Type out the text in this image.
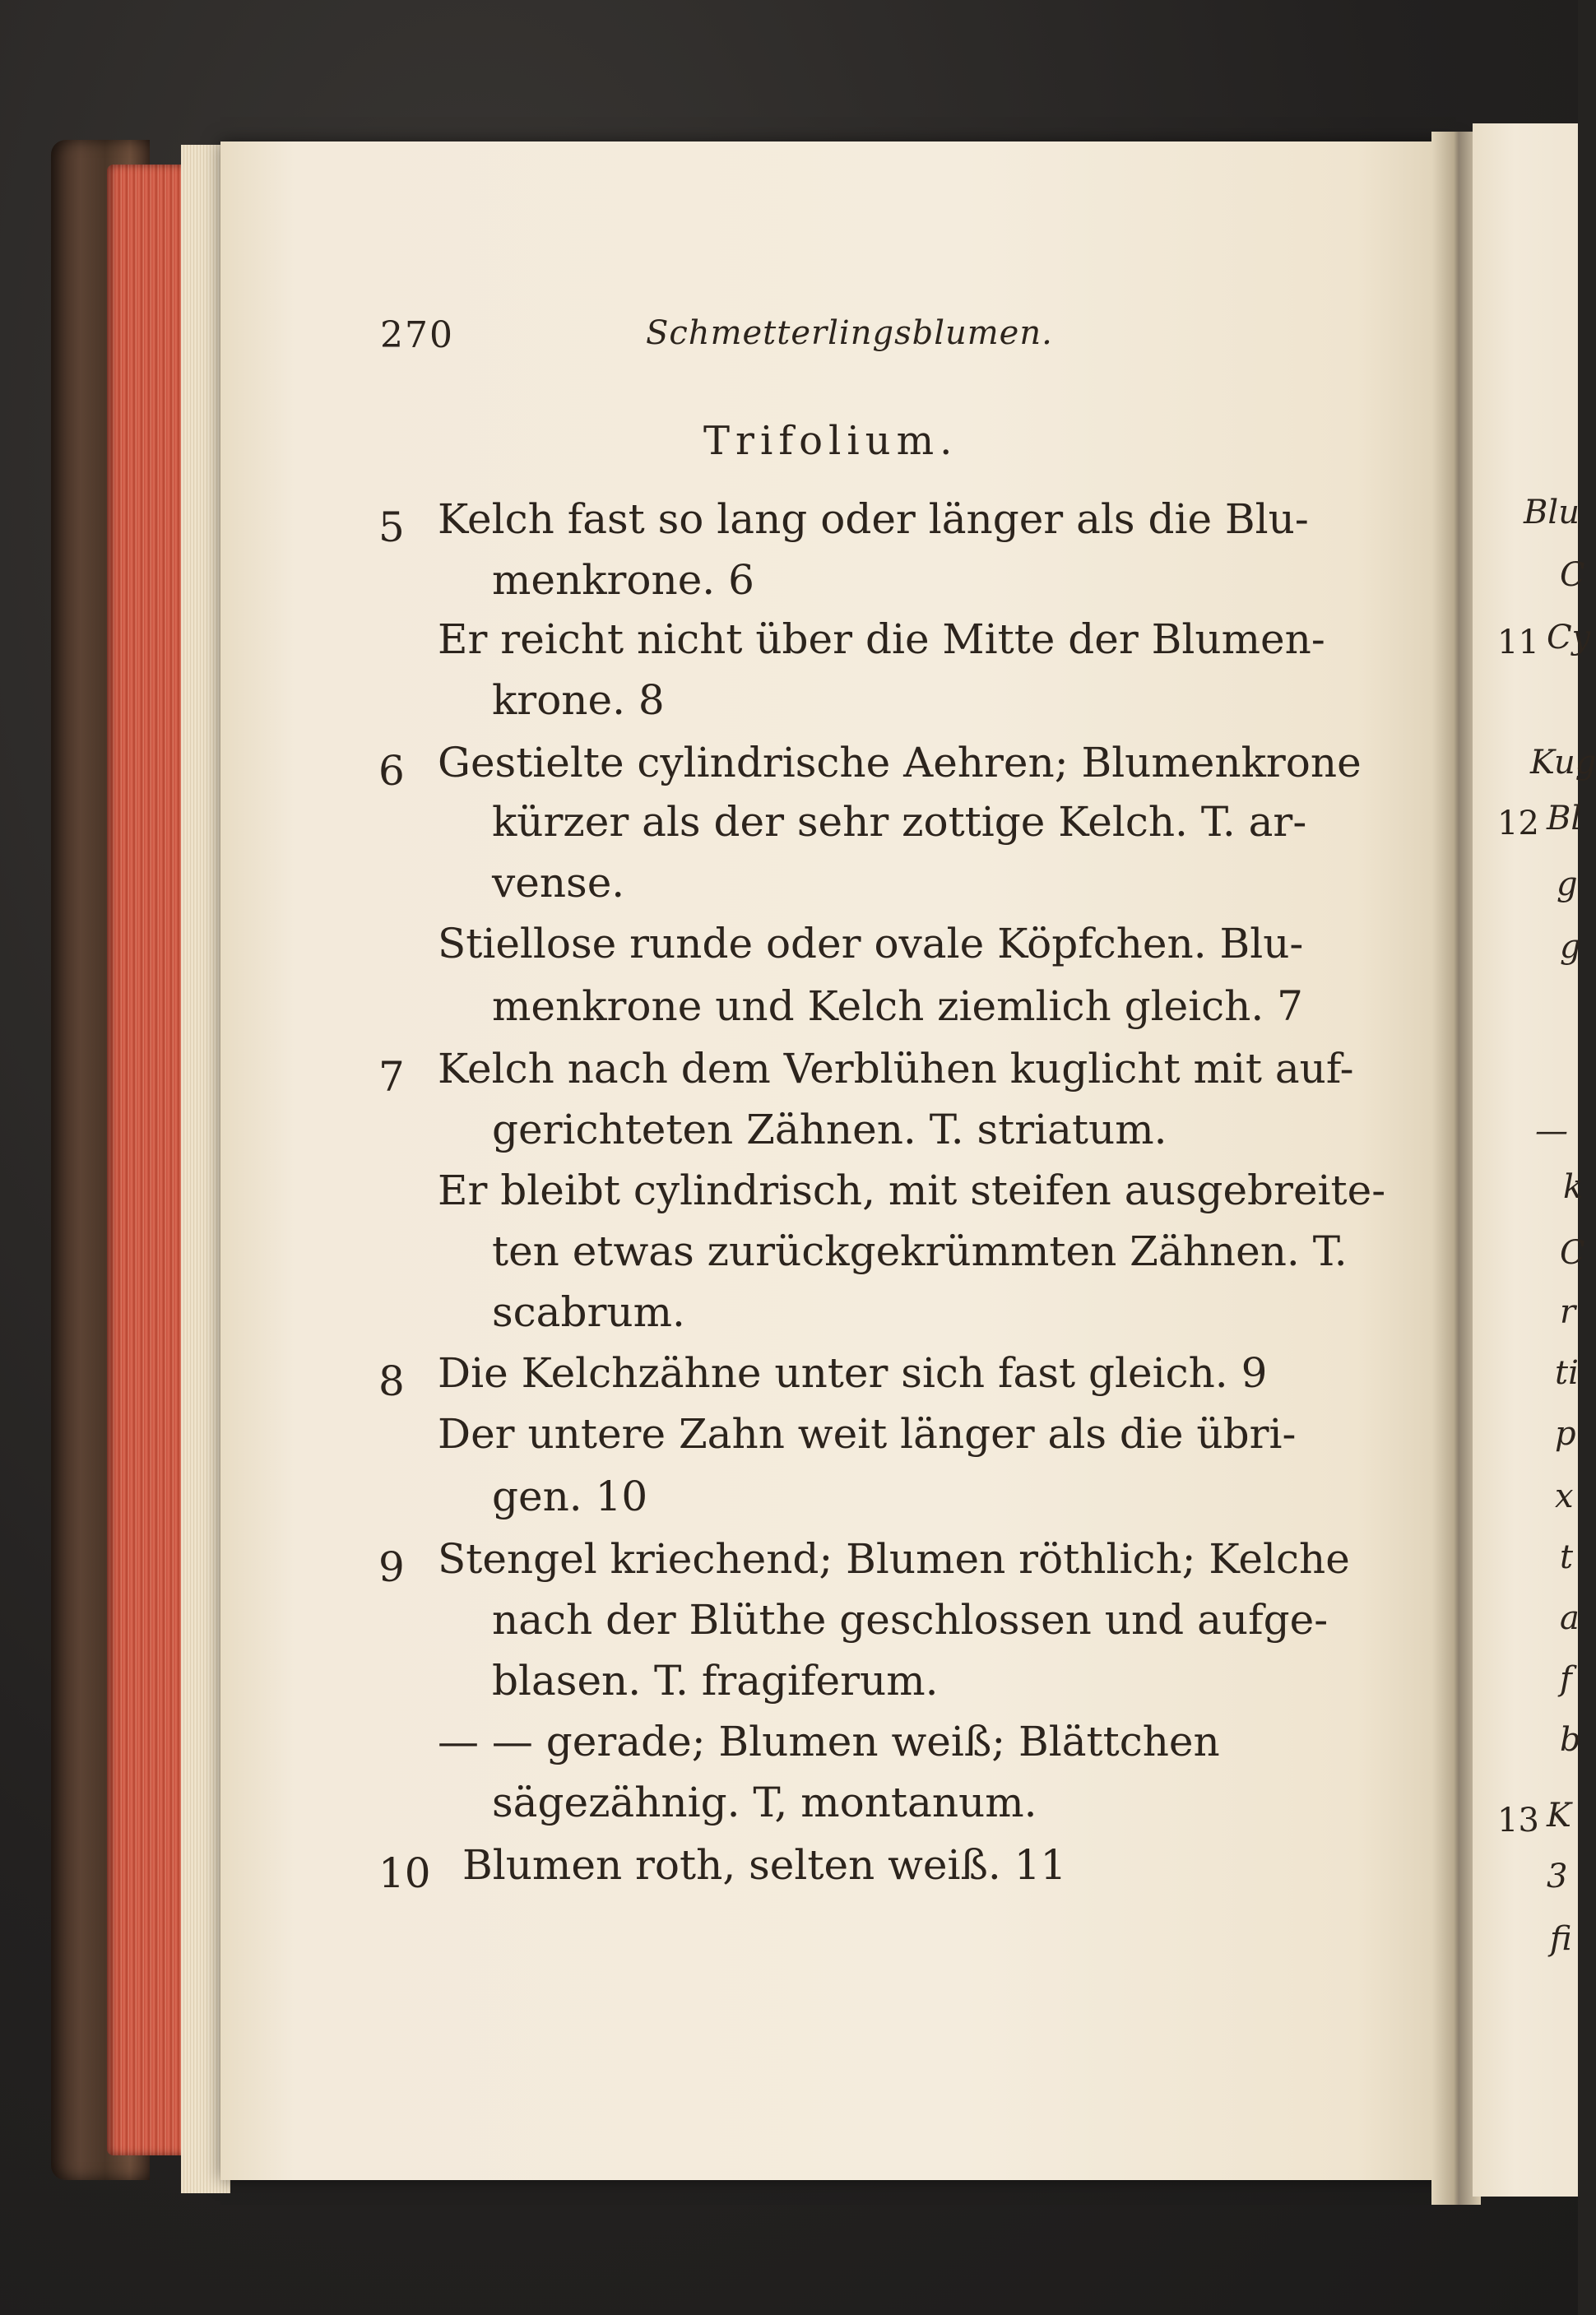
270	Schmetterlingsblumen.
Trifolium.
5 Kelch fast so lang oder länger als die Blu-
menkrone. 6
Er reicht nicht über die Mitte der Blumen-
krone. 8
6 Gestielte cylindrische Aehren; Blumenkrone
kürzer als der sehr zottige Kelch. T. ar-
vense.
Stiellose runde oder ovale Köpfchen. Blu-
menkrone und Kelch ziemlich gleich. 7
7 Kelch nach dem Verblühen kuglicht mit auf-
gerichteten Zähnen. T. striatum.
Er bleibt cylindrisch, mit steifen ausgebreite-
ten etwas zurückgekrümmten Zähnen. T.
scabrum.
8 Die Kelchzähne unter sich fast gleich. 9
Der untere Zahn weit länger als die übri-
gen. 10
9 Stengel kriechend; Blumen röthlich; Kelche
nach der Blüthe geschlossen und aufge-
blasen. T. fragiferum.
— — gerade; Blumen weiß; Blättchen
sägezähnig. T, montanum.
10 Blumen roth, selten weiß. 11
Blu
C
11 Cy
Kug
12 Bl
g
g
—
k
C
r
ti
p
x
t
a
f
b
13 K
3
fi
